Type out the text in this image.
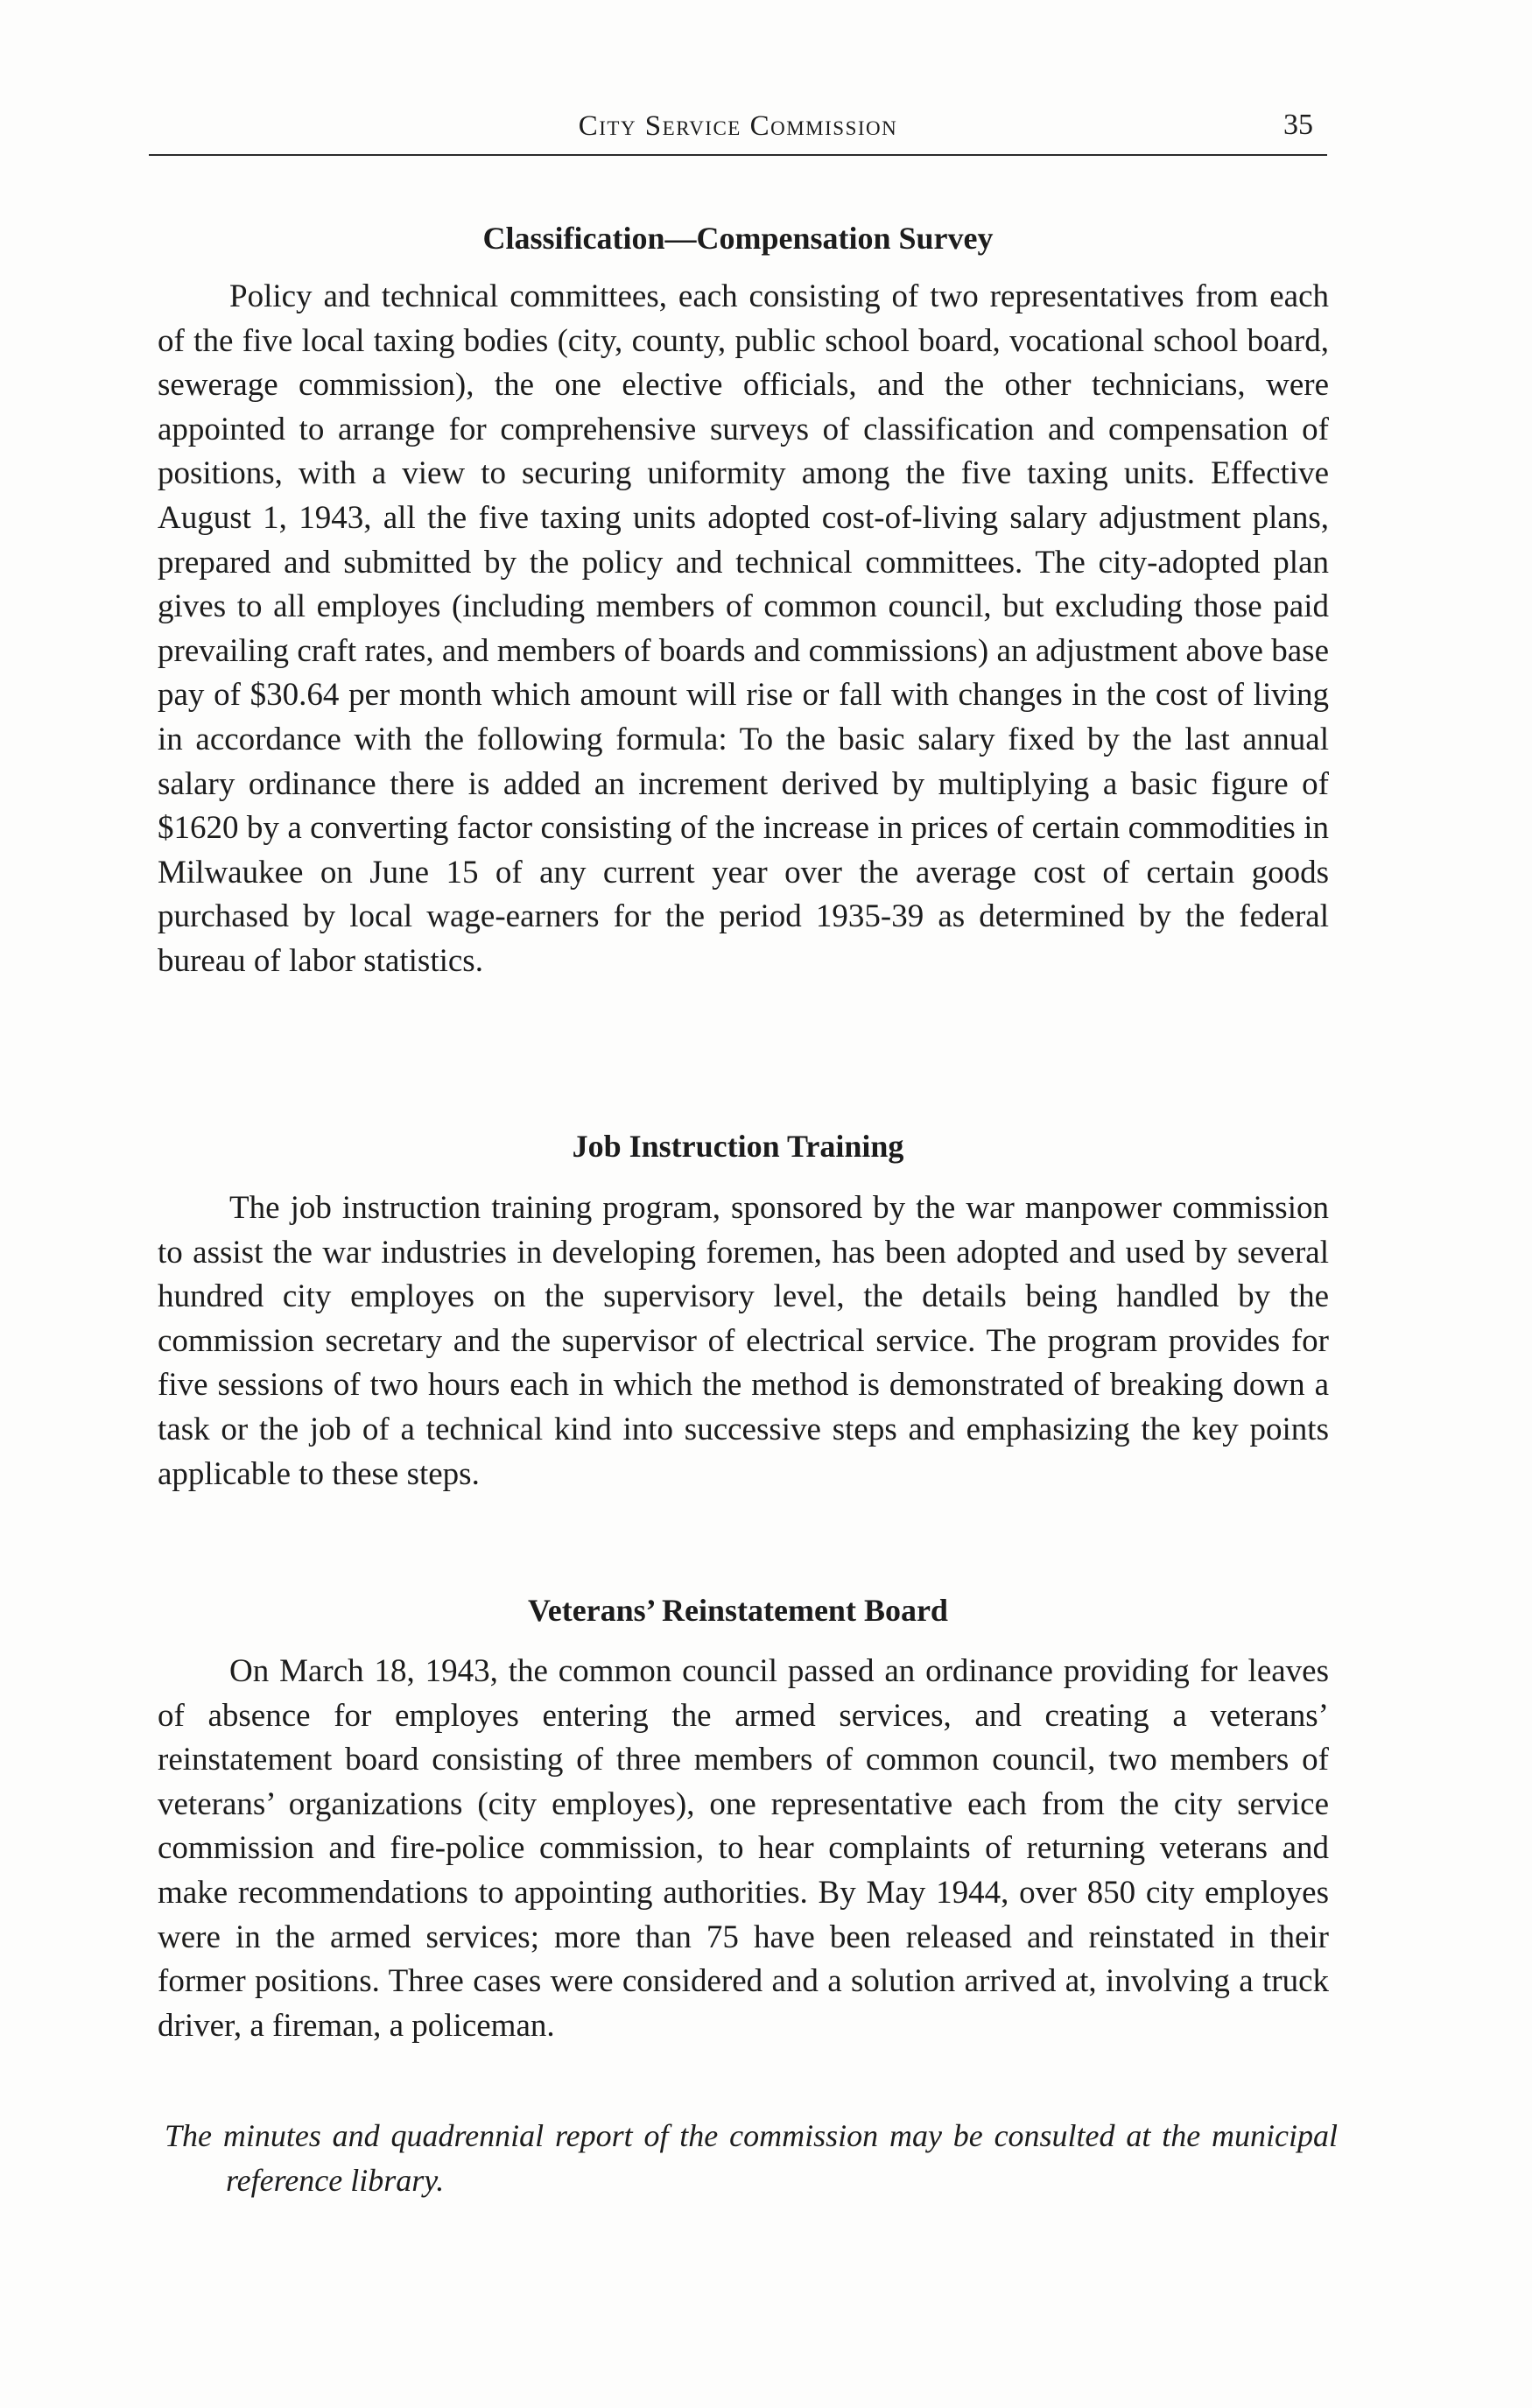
City Service Commission	35
Classification—Compensation Survey

Policy and technical committees, each consisting of two representatives from each of the five local taxing bodies (city, county, public school board, vocational school board, sewerage commission), the one elective officials, and the other technicians, were appointed to arrange for comprehensive surveys of classification and compensation of positions, with a view to securing uniformity among the five taxing units. Effective August 1, 1943, all the five taxing units adopted cost-of-living salary adjustment plans, prepared and submitted by the policy and technical committees. The city-adopted plan gives to all employes (including members of common council, but excluding those paid prevailing craft rates, and members of boards and commissions) an adjustment above base pay of $30.64 per month which amount will rise or fall with changes in the cost of living in accordance with the following formula: To the basic salary fixed by the last annual salary ordinance there is added an increment derived by multiplying a basic figure of $1620 by a converting factor consisting of the increase in prices of certain commodities in Milwaukee on June 15 of any current year over the average cost of certain goods purchased by local wage-earners for the period 1935-39 as determined by the federal bureau of labor statistics.

Job Instruction Training

The job instruction training program, sponsored by the war manpower commission to assist the war industries in developing foremen, has been adopted and used by several hundred city employes on the supervisory level, the details being handled by the commission secretary and the supervisor of electrical service. The program provides for five sessions of two hours each in which the method is demonstrated of breaking down a task or the job of a technical kind into successive steps and emphasizing the key points applicable to these steps.

Veterans’ Reinstatement Board

On March 18, 1943, the common council passed an ordinance providing for leaves of absence for employes entering the armed services, and creating a veterans’ reinstatement board consisting of three members of common council, two members of veterans’ organizations (city employes), one representative each from the city service commission and fire-police commission, to hear complaints of returning veterans and make recommendations to appointing authorities. By May 1944, over 850 city employes were in the armed services; more than 75 have been released and reinstated in their former positions. Three cases were considered and a solution arrived at, involving a truck driver, a fireman, a policeman.

The minutes and quadrennial report of the commission may be consulted at the municipal reference library.
